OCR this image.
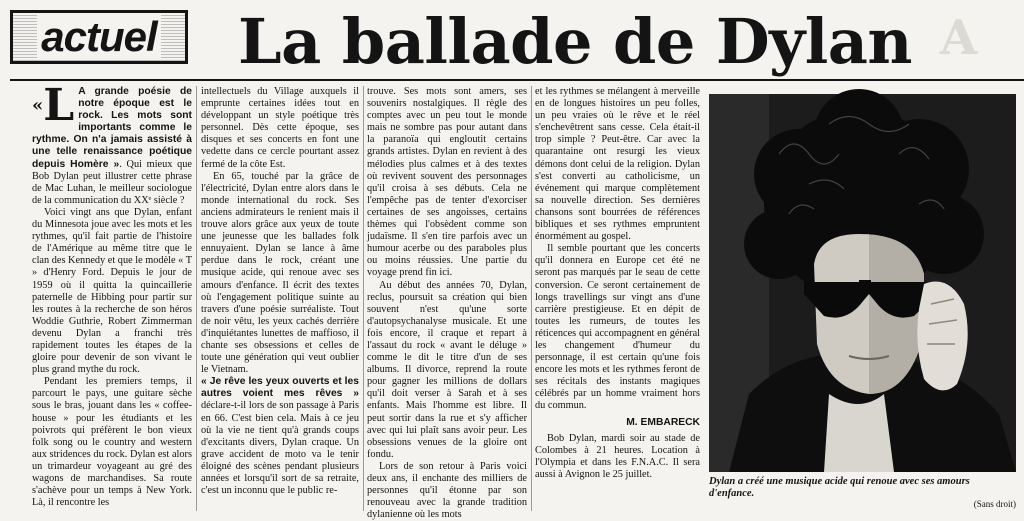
actuel La ballade de Dylan A

«L A grande poésie de notre époque est le rock. Les mots sont importants comme le rythme. On n'a jamais assisté à une telle renaissance poétique depuis Homère ». Qui mieux que Bob Dylan peut illustrer cette phrase de Mac Luhan, le meilleur sociologue de la communication du XXᵉ siècle ?

Voici vingt ans que Dylan, enfant du Minnesota joue avec les mots et les rythmes, qu'il fait partie de l'histoire de l'Amérique au même titre que le clan des Kennedy et que le modèle « T » d'Henry Ford. Depuis le jour de 1959 où il quitta la quincaillerie paternelle de Hibbing pour partir sur les routes à la recherche de son héros Woddie Guthrie, Robert Zimmerman devenu Dylan a franchi très rapidement toutes les étapes de la gloire pour devenir de son vivant le plus grand mythe du rock.

Pendant les premiers temps, il parcourt le pays, une guitare sèche sous le bras, jouant dans les « coffee-house » pour les étudiants et les poivrots qui préfèrent le bon vieux folk song ou le country and western aux stridences du rock. Dylan est alors un trimardeur voyageant au gré des wagons de marchandises. Sa route s'achève pour un temps à New York. Là, il rencontre les

intellectuels du Village auxquels il emprunte certaines idées tout en développant un style poétique très personnel. Dès cette époque, ses disques et ses concerts en font une vedette dans ce cercle pourtant assez fermé de la côte Est.

En 65, touché par la grâce de l'électricité, Dylan entre alors dans le monde international du rock. Ses anciens admirateurs le renient mais il trouve alors grâce aux yeux de toute une jeunesse que les ballades folk ennuyaient. Dylan se lance à âme perdue dans le rock, créant une musique acide, qui renoue avec ses amours d'enfance. Il écrit des textes où l'engagement politique suinte au travers d'une poésie surréaliste. Tout de noir vêtu, les yeux cachés derrière d'inquiétantes lunettes de maffioso, il chante ses obsessions et celles de toute une génération qui veut oublier le Vietnam.

« Je rêve les yeux ouverts et les autres voient mes rêves » déclare-t-il lors de son passage à Paris en 66. C'est bien cela. Mais à ce jeu où la vie ne tient qu'à grands coups d'excitants divers, Dylan craque. Un grave accident de moto va le tenir éloigné des scènes pendant plusieurs années et lorsqu'il sort de sa retraite, c'est un inconnu que le public re-

trouve. Ses mots sont amers, ses souvenirs nostalgiques. Il règle des comptes avec un peu tout le monde mais ne sombre pas pour autant dans la paranoïa qui engloutit certains grands artistes. Dylan en revient à des mélodies plus calmes et à des textes où revivent souvent des personnages qu'il croisa à ses débuts. Cela ne l'empêche pas de tenter d'exorciser certaines de ses angoisses, certains thèmes qui l'obsèdent comme son judaïsme. Il s'en tire parfois avec un humour acerbe ou des paraboles plus ou moins réussies. Une partie du voyage prend fin ici.

Au début des années 70, Dylan, reclus, poursuit sa création qui bien souvent n'est qu'une sorte d'autopsychanalyse musicale. Et une fois encore, il craque et repart à l'assaut du rock « avant le déluge » comme le dit le titre d'un de ses albums. Il divorce, reprend la route pour gagner les millions de dollars qu'il doit verser à Sarah et à ses enfants. Mais l'homme est libre. Il peut sortir dans la rue et s'y afficher avec qui lui plaît sans avoir peur. Les obsessions venues de la gloire ont fondu.

Lors de son retour à Paris voici deux ans, il enchante des milliers de personnes qu'il étonne par son renouveau avec la grande tradition dylanienne où les mots

et les rythmes se mélangent à merveille en de longues histoires un peu folles, un peu vraies où le rêve et le réel s'enchevêtrent sans cesse. Cela était-il trop simple ? Peut-être. Car avec la quarantaine ont resurgi les vieux démons dont celui de la religion. Dylan s'est converti au catholicisme, un événement qui marque complètement sa nouvelle direction. Ses dernières chansons sont bourrées de références bibliques et ses rythmes empruntent énormément au gospel.

Il semble pourtant que les concerts qu'il donnera en Europe cet été ne seront pas marqués par le seau de cette conversion. Ce seront certainement de longs travellings sur vingt ans d'une carrière prestigieuse. Et en dépit de toutes les rumeurs, de toutes les réticences qui accompagnent en général les changement d'humeur du personnage, il est certain qu'une fois encore les mots et les rythmes feront de ses récitals des instants magiques célébrés par un homme vraiment hors du commun.

M. EMBARECK

Bob Dylan, mardi soir au stade de Colombes à 21 heures. Location à l'Olympia et dans les F.N.A.C. Il sera aussi à Avignon le 25 juillet.

Dylan a créé une musique acide qui renoue avec ses amours d'enfance.
(Sans droit)
